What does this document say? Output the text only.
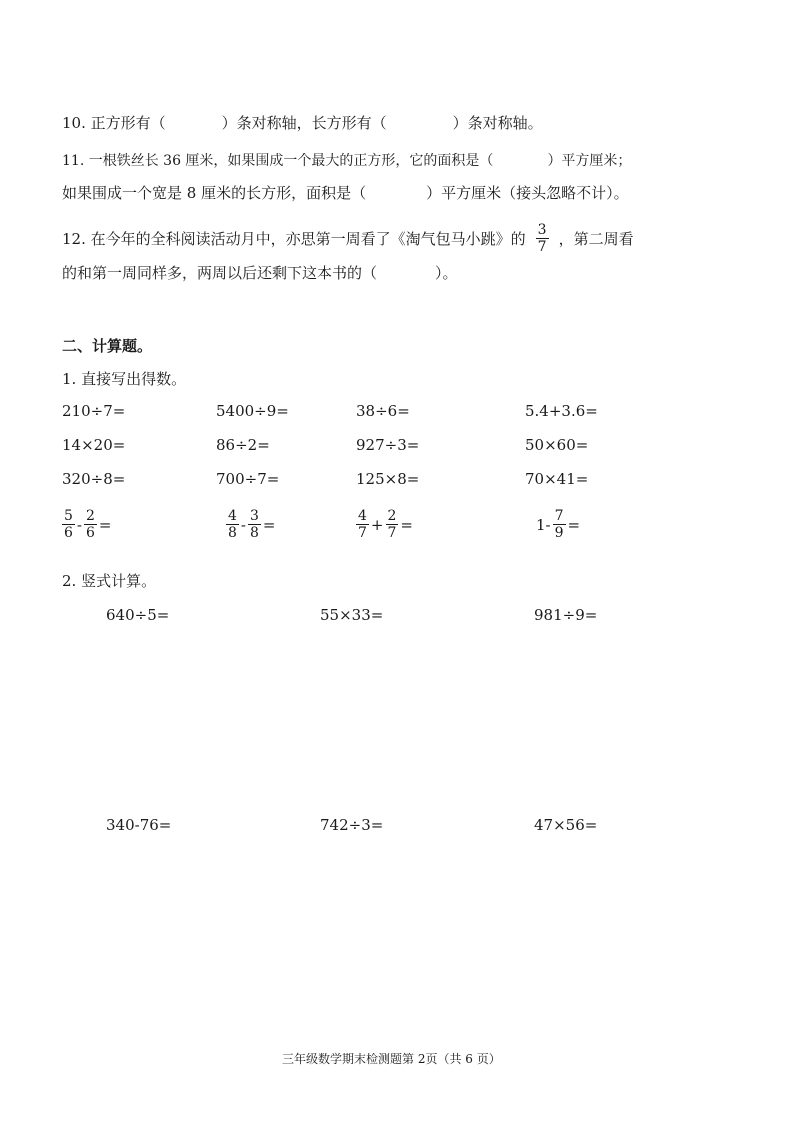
10. 正方形有（	）条对称轴，长方形有（	）条对称轴。
11. 一根铁丝长 36 厘米，如果围成一个最大的正方形，它的面积是（	）平方厘米；
如果围成一个宽是 8 厘米的长方形，面积是（	）平方厘米（接头忽略不计）。
12. 在今年的全科阅读活动月中，亦思第一周看了《淘气包马小跳》的 $\frac{3}{7}$ ，第二周看
的和第一周同样多，两周以后还剩下这本书的（	）。
二、计算题。
1. 直接写出得数。
210÷7=	5400÷9=	38÷6=	5.4+3.6=
14×20=	86÷2=	927÷3=	50×60=
320÷8=	700÷7=	125×8=	70×41=
$\frac{5}{6} - \frac{2}{6}$ =	$\frac{4}{8} - \frac{3}{8}$ =	$\frac{4}{7} + \frac{2}{7}$ =	$1- \frac{7}{9}$ =
2. 竖式计算。
640÷5=	55×33=	981÷9=
340-76=	742÷3=	47×56=
三年级数学期末检测题第 2页（共 6 页）
